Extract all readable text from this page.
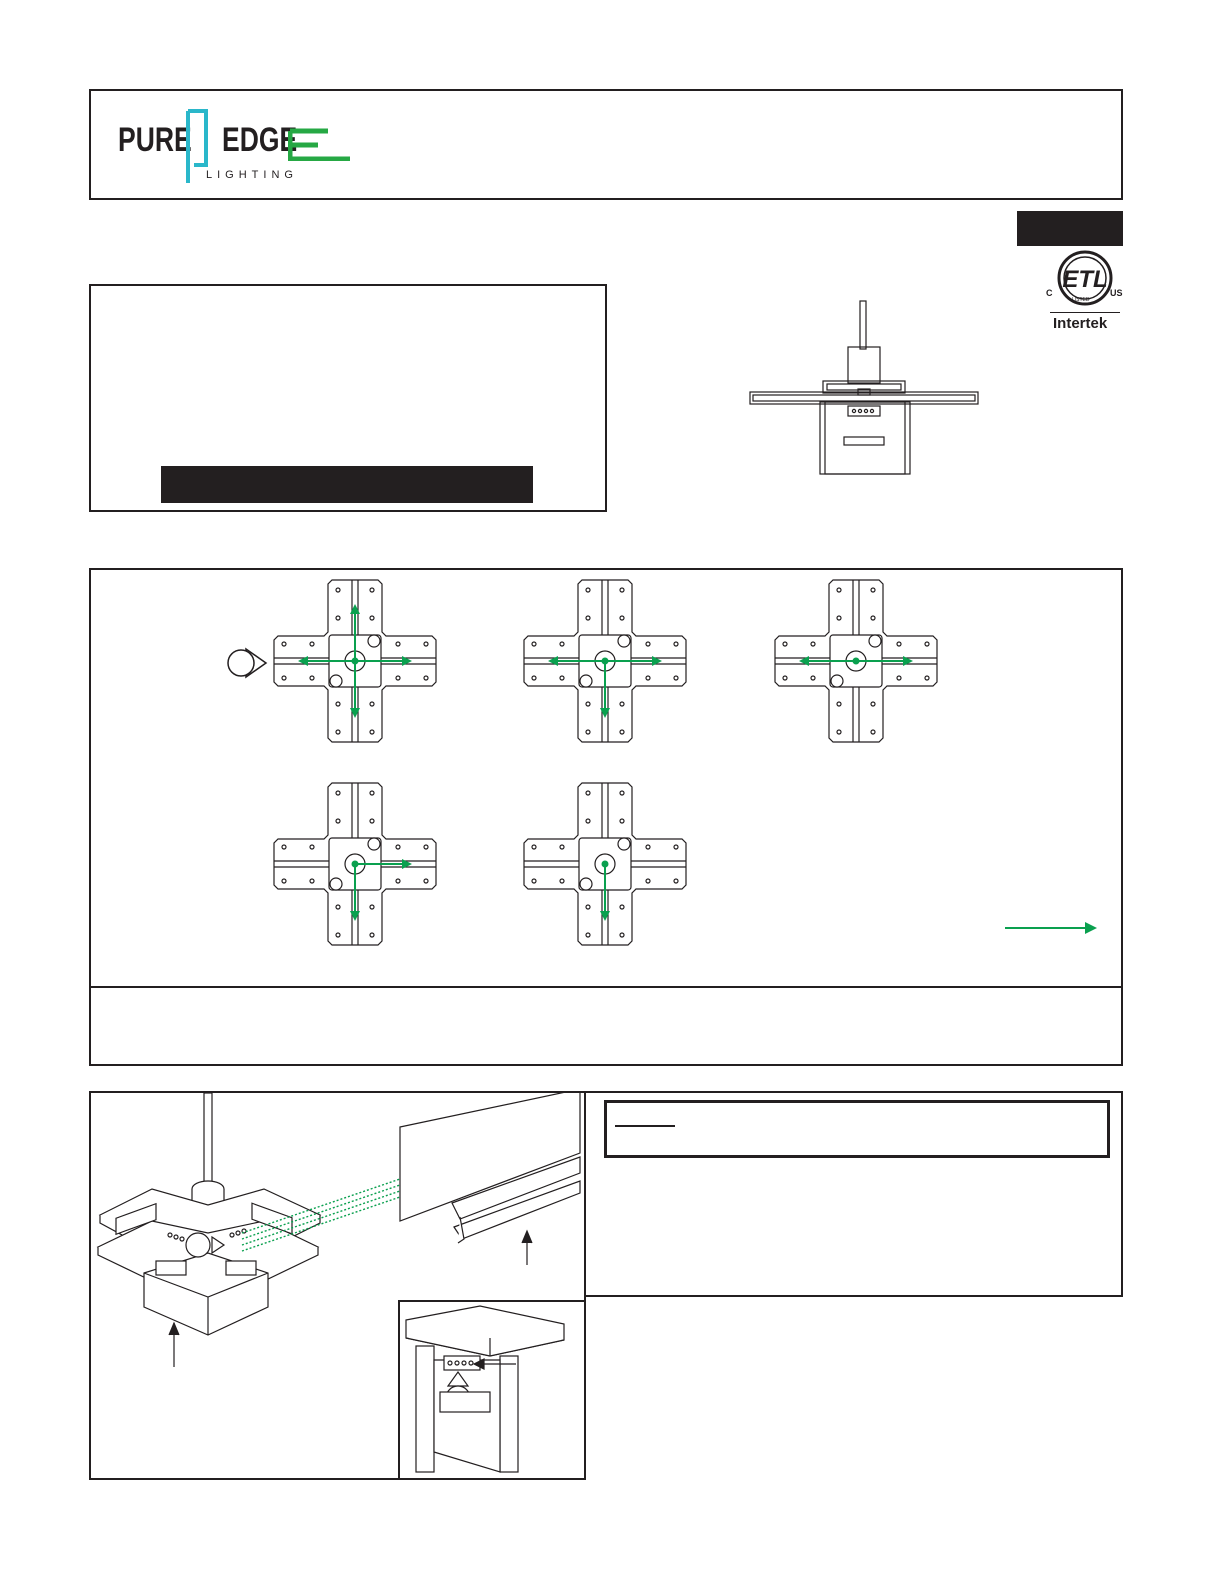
PURE EDGE
LIGHTING
ETL
C	US
LISTED
Intertek
